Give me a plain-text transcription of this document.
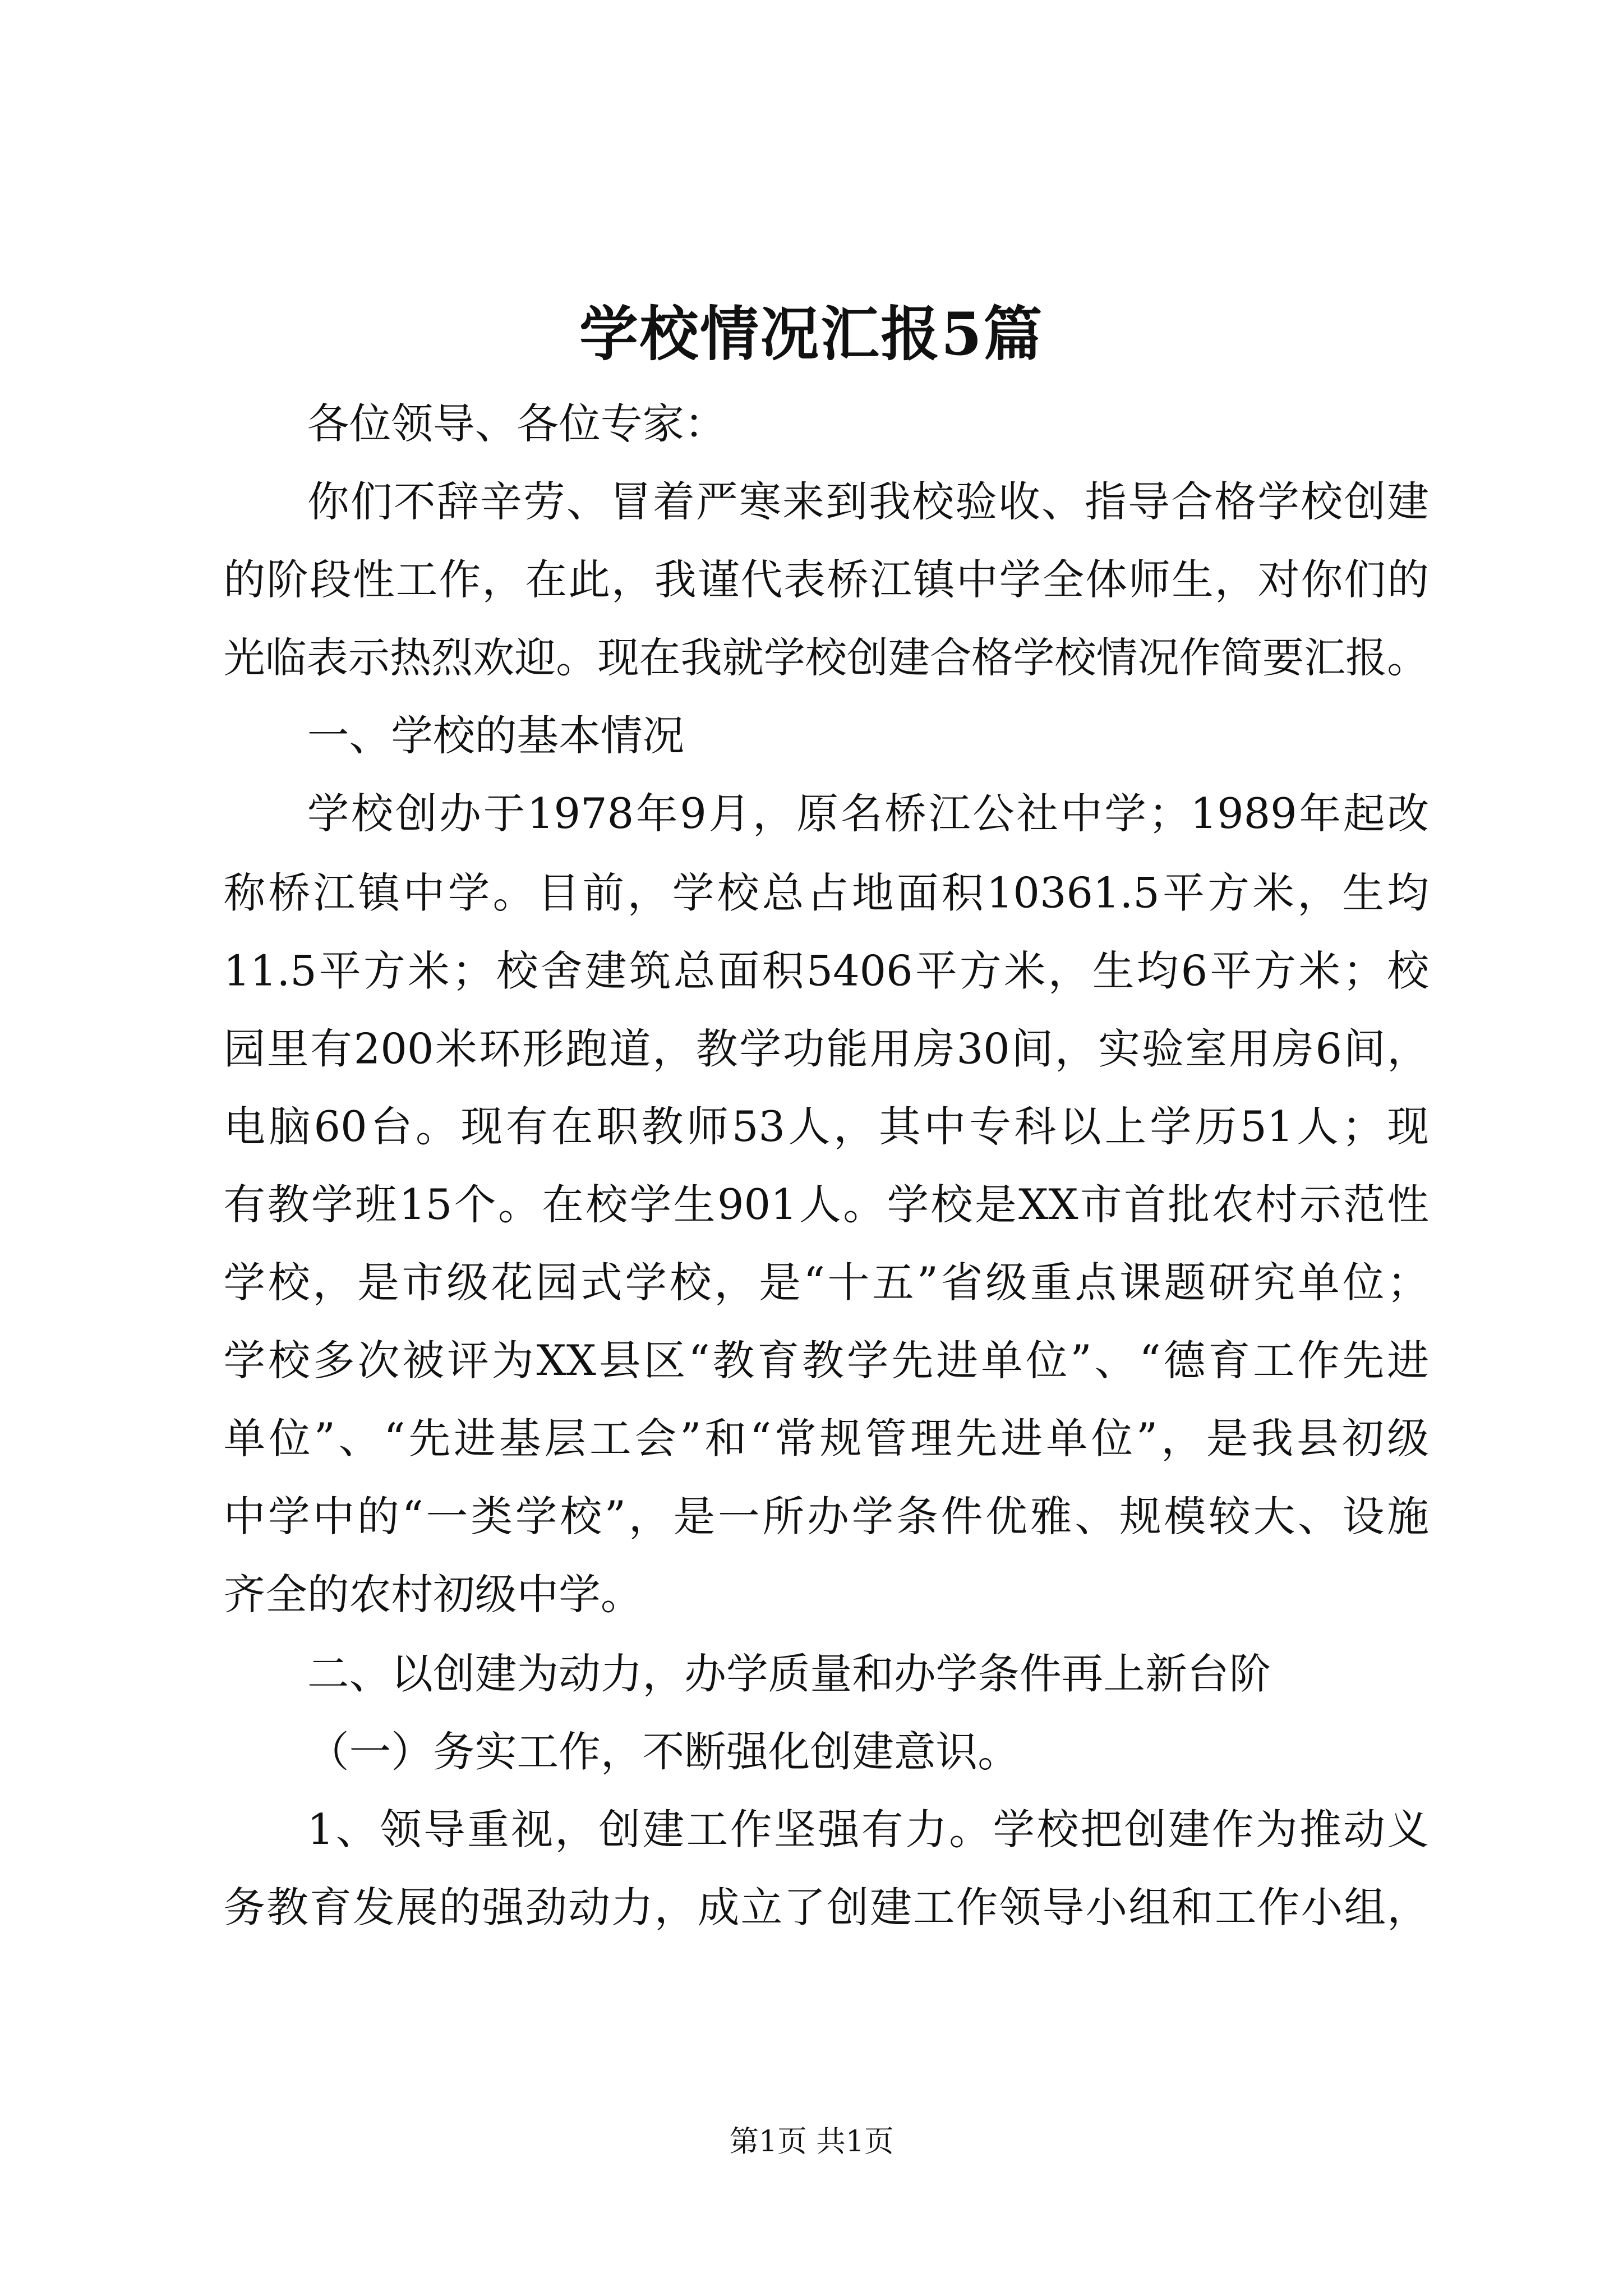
学校情况汇报5篇
各位领导、各位专家：
你们不辞辛劳、冒着严寒来到我校验收、指导合格学校创建
的阶段性工作，在此，我谨代表桥江镇中学全体师生，对你们的
光临表示热烈欢迎。现在我就学校创建合格学校情况作简要汇报。
一、学校的基本情况
学校创办于1978年9月，原名桥江公社中学；1989年起改
称桥江镇中学。目前，学校总占地面积10361.5平方米，生均
11.5平方米；校舍建筑总面积5406平方米，生均6平方米；校
园里有200米环形跑道，教学功能用房30间，实验室用房6间，
电脑60台。现有在职教师53人，其中专科以上学历51人；现
有教学班15个。在校学生901人。学校是XX市首批农村示范性
学校，是市级花园式学校，是“十五”省级重点课题研究单位；
学校多次被评为XX县区“教育教学先进单位”、“德育工作先进
单位”、“先进基层工会”和“常规管理先进单位”，是我县初级
中学中的“一类学校”，是一所办学条件优雅、规模较大、设施
齐全的农村初级中学。
二、以创建为动力，办学质量和办学条件再上新台阶
（一）务实工作，不断强化创建意识。
1、领导重视，创建工作坚强有力。学校把创建作为推动义
务教育发展的强劲动力，成立了创建工作领导小组和工作小组，
第1页 共1页
